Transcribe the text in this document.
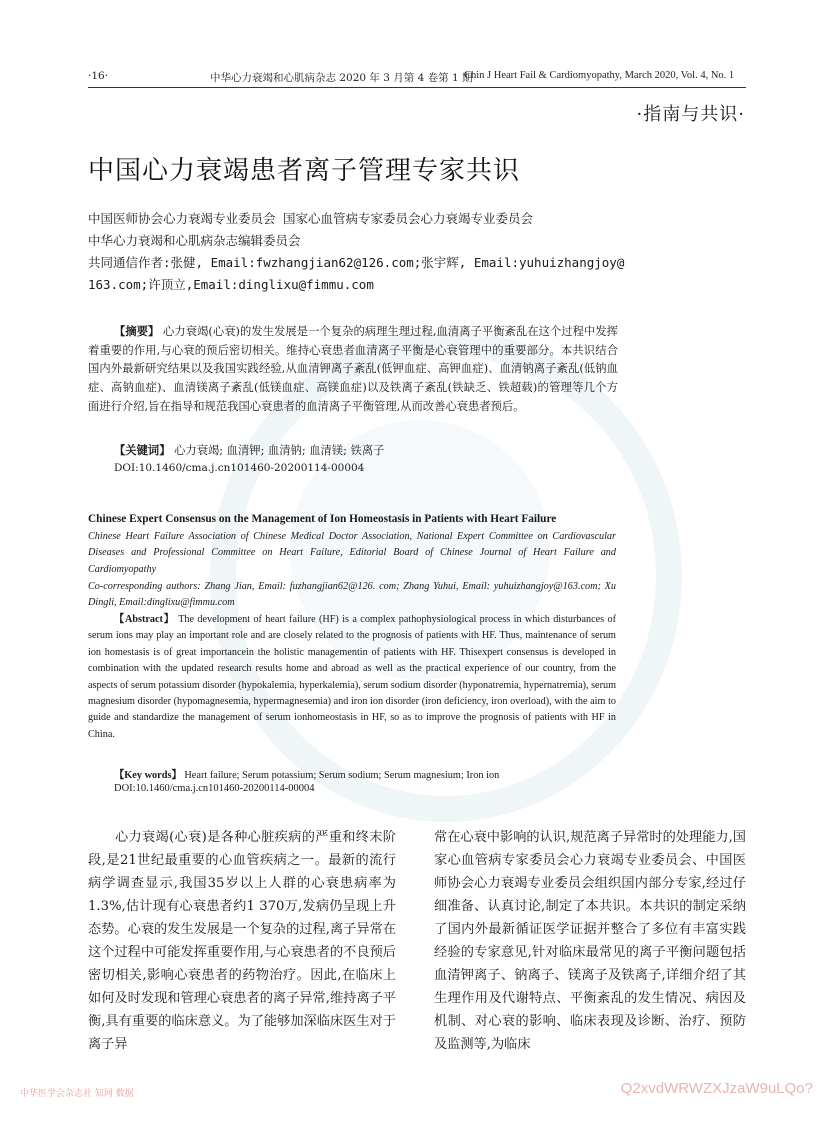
·16·	中华心力衰竭和心肌病杂志 2020 年 3 月第 4 卷第 1 期
Chin J Heart Fail & Cardiomyopathy, March 2020, Vol. 4, No. 1
·指南与共识·
中国心力衰竭患者离子管理专家共识
中国医师协会心力衰竭专业委员会 国家心血管病专家委员会心力衰竭专业委员会
中华心力衰竭和心肌病杂志编辑委员会
共同通信作者:张健, Email:fwzhangjian62@126.com;张宇辉, Email:yuhuizhangjoy@
163.com;许顶立,Email:dinglixu@fimmu.com
【摘要】 心力衰竭(心衰)的发生发展是一个复杂的病理生理过程,血清离子平衡紊乱在这个过程中发挥着重要的作用,与心衰的预后密切相关。维持心衰患者血清离子平衡是心衰管理中的重要部分。本共识结合国内外最新研究结果以及我国实践经验,从血清钾离子紊乱(低钾血症、高钾血症)、血清钠离子紊乱(低钠血症、高钠血症)、血清镁离子紊乱(低镁血症、高镁血症)以及铁离子紊乱(铁缺乏、铁超载)的管理等几个方面进行介绍,旨在指导和规范我国心衰患者的血清离子平衡管理,从而改善心衰患者预后。
【关键词】 心力衰竭; 血清钾; 血清钠; 血清镁; 铁离子
DOI:10.1460/cma.j.cn101460-20200114-00004
Chinese Expert Consensus on the Management of Ion Homeostasis in Patients with Heart Failure
Chinese Heart Failure Association of Chinese Medical Doctor Association, National Expert Committee on Cardiovascular Diseases and Professional Committee on Heart Failure, Editorial Board of Chinese Journal of Heart Failure and Cardiomyopathy
Co-corresponding authors: Zhang Jian, Email: fuzhangjian62@126. com; Zhang Yuhui, Email: yuhuizhangjoy@163.com; Xu Dingli, Email:dinglixu@fimmu.com
【Abstract】 The development of heart failure (HF) is a complex pathophysiological process in which disturbances of serum ions may play an important role and are closely related to the prognosis of patients with HF. Thus, maintenance of serum ion homestasis is of great importancein the holistic managementin of patients with HF. Thisexpert consensus is developed in combination with the updated research results home and abroad as well as the practical experience of our country, from the aspects of serum potassium disorder (hypokalemia, hyperkalemia), serum sodium disorder (hyponatremia, hypernatremia), serum magnesium disorder (hypomagnesemia, hypermagnesemia) and iron ion disorder (iron deficiency, iron overload), with the aim to guide and standardize the management of serum ionhomeostasis in HF, so as to improve the prognosis of patients with HF in China.
【Key words】 Heart failure; Serum potassium; Serum sodium; Serum magnesium; Iron ion
DOI:10.1460/cma.j.cn101460-20200114-00004
心力衰竭(心衰)是各种心脏疾病的严重和终末阶段,是21世纪最重要的心血管疾病之一。最新的流行病学调查显示,我国35岁以上人群的心衰患病率为1.3%,估计现有心衰患者约1 370万,发病仍呈现上升态势。心衰的发生发展是一个复杂的过程,离子异常在这个过程中可能发挥重要作用,与心衰患者的不良预后密切相关,影响心衰患者的药物治疗。因此,在临床上如何及时发现和管理心衰患者的离子异常,维持离子平衡,具有重要的临床意义。为了能够加深临床医生对于离子异
常在心衰中影响的认识,规范离子异常时的处理能力,国家心血管病专家委员会心力衰竭专业委员会、中国医师协会心力衰竭专业委员会组织国内部分专家,经过仔细准备、认真讨论,制定了本共识。本共识的制定采纳了国内外最新循证医学证据并整合了多位有丰富实践经验的专家意见,针对临床最常见的离子平衡问题包括血清钾离子、钠离子、镁离子及铁离子,详细介绍了其生理作用及代谢特点、平衡紊乱的发生情况、病因及机制、对心衰的影响、临床表现及诊断、治疗、预防及监测等,为临床
中华医学会杂志社 知网 数据	Q2xvdWRWZXJzaW9uLQo?
